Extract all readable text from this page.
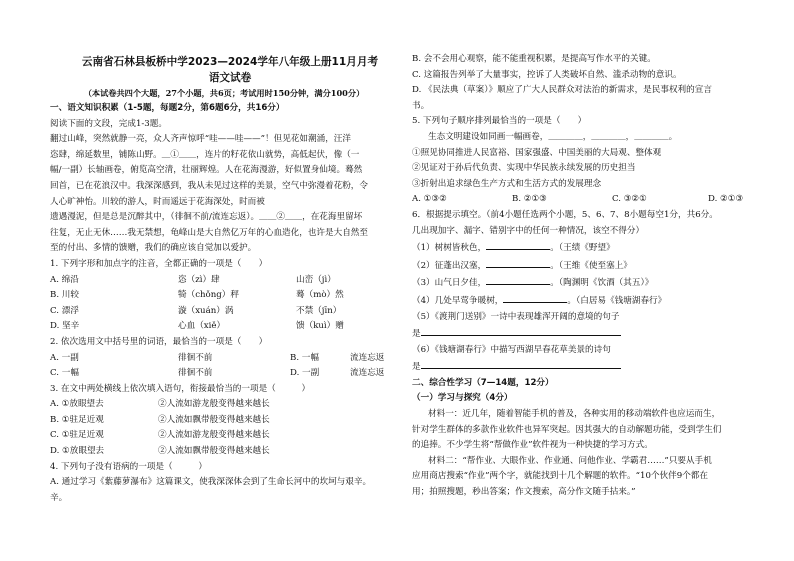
云南省石林县板桥中学2023—2024学年八年级上册11月月考
语文试卷
（本试卷共四个大题，27个小题，共6页；考试用时150分钟，满分100分）
一、语文知识积累（1-5题，每题2分，第6题6分，共16分）
阅读下面的文段，完成1-3题。
翻过山峰，突然就静一亮，众人齐声惊呼“哇——哇——”！但见花如潮涌，汪洋
恣肆，绵延数里，铺陈山野。＿①＿＿，连片的籽花依山就势，高低起伏，像（一
幅/一副）长轴画卷，俯览高空清，壮丽辉煌。人在花海漫游，好似置身仙境。蓦然
回首，已在花浪汉中。我深深感到，我从未见过这样的美景，空气中弥漫着花粉，令
人心旷神怡。川较的游人，时而遥远于花海深处，时而被
遗遇漫泥，但是总是沉醉其中，（徘徊不前/流连忘返）。＿＿②＿＿，在花海里留坏
往复，无止无休……我无禁想，龟峰山是大自然亿万年的心血造化，也许是大自然至
至的付出、多情的馈赠，我们的确应该自觉加以爱护。
1. 下列字形和加点字的注音，全都正确的一项是（　　）
A. 绵沿	恣（zì）肆	山峦（jì）
B. 川较	犄（chǒng）秤	蓦（mò）然
C. 漂浮	漩（xuán）涡	不禁（jīn）
D. 坚辛	心血（xiě）	馈（kuì）赠
2. 依次选用文中括号里的词语，最恰当的一项是（　　）
A. 一副	徘徊不前	B. 一幅	流连忘返
C. 一幅	徘徊不前	D. 一副	流连忘返
3. 在文中两处横线上依次填入语句，衔接最恰当的一项是（　　　）
A. ①放眼望去	②人流如游龙般变得越来越长
B. ①驻足近观	②人流如飘带般变得越来越长
C. ①驻足近观	②人流如游龙般变得越来越长
D. ①放眼望去	②人流如飘带般变得越来越长
4. 下列句子没有语病的一项是（　　　）
A. 通过学习《紫藤萝瀑布》这篇课文，使我深深体会到了生命长河中的坎坷与艰辛。
辛。
B. 会不会用心观察，能不能重视积累，是提高写作水平的关键。
C. 这篇报告列举了大量事实，控诉了人类破坏自然、滥杀动物的意识。
D. 《民法典（草案）》顺应了广大人民群众对法治的新需求，是民事权利的宣言
书。
5. 下列句子顺序排列最恰当的一项是（　　）
生态文明建设如同画一幅画卷，＿＿＿＿，＿＿＿＿，＿＿＿＿。
①照见协同推进人民富裕、国家强盛、中国美丽的大局观、整体观
②见证对于孙后代负责、实现中华民族永续发展的历史担当
③折射出追求绿色生产方式和生活方式的发展理念
A. ①③②	B. ②①③	C. ③②①	D. ②①③
6．根据提示填空。（前4小题任选两个小题，5、6、7、8小题每空1分，共6分。
几出现加字、漏字、错别字中的任何一种情况，该空不得分）
（1）树树皆秋色，	。（王绩《野望》
（2）征蓬出汉塞，	。（王维《使至塞上》
（3）山气日夕佳，	。（陶渊明《饮酒（其五）》
（4）几处早莺争暖树，	。（白居易《钱塘湖春行》
（5）《渡荆门送别》一诗中表现雄浑开阔的意境的句子
是
（6）《钱塘湖春行》中描写西湖早春花草美景的诗句
是
二、综合性学习（7—14题，12分）
（一）学习与探究（4分）
材料一：近几年，随着智能手机的普及，各种实用的移动端软件也应运而生，
针对学生群体的多款作业软件也异军突起。因其强大的自动解题功能，受到学生们
的追捧。不少学生将“帮做作业”软件视为一种快捷的学习方式。
材料二：“帮作业、大眼作业、作业通、问他作业、学霸君……”只要从手机
应用商店搜索“作业”两个字，就能找到十几个解题的软件。“10个伙伴9个都在
用；拍照搜题，秒出答案；作文搜索，高分作文随手拈来。”
